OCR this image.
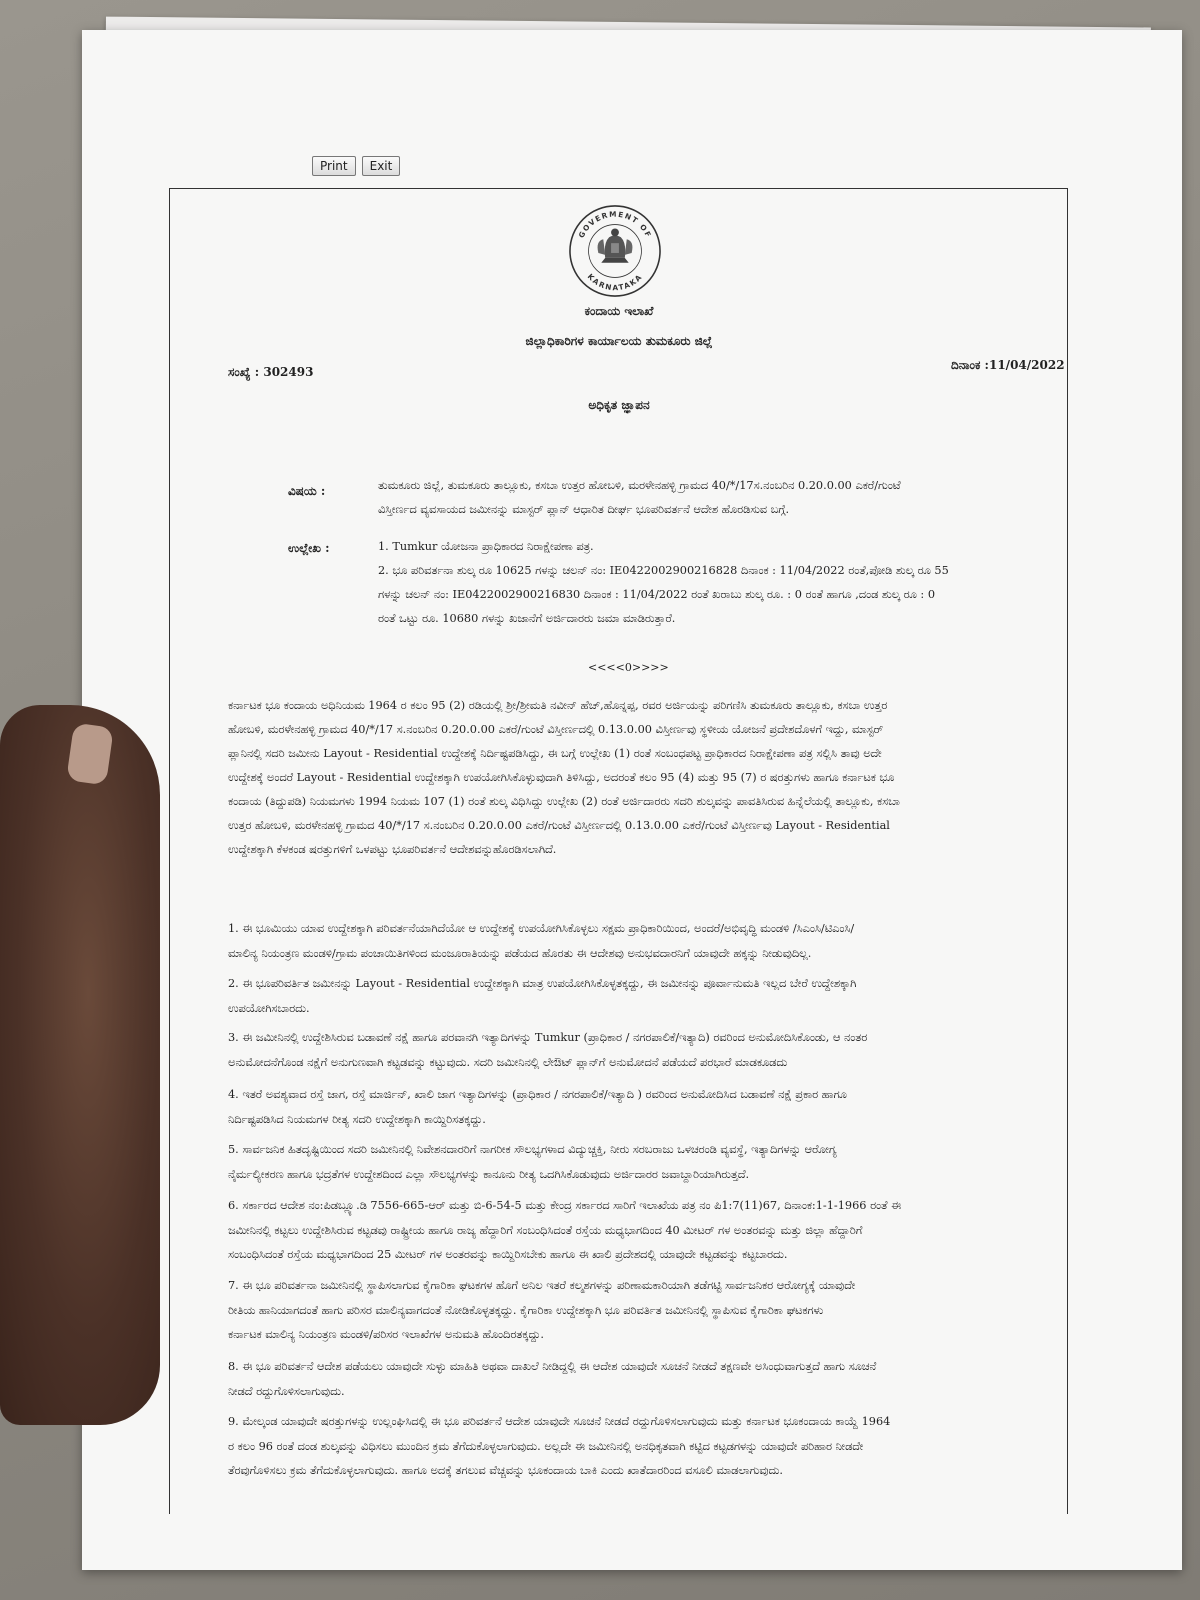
Print	Exit
GOVERMENT OF
KARNATAKA
ಕಂದಾಯ ಇಲಾಖೆ
ಜಿಲ್ಲಾಧಿಕಾರಿಗಳ ಕಾರ್ಯಾಲಯ ತುಮಕೂರು ಜಿಲ್ಲೆ
ಸಂಖ್ಯೆ : 302493	ದಿನಾಂಕ :11/04/2022
ಅಧಿಕೃತ ಜ್ಞಾಪನ
ವಿಷಯ :	ತುಮಕೂರು ಜಿಲ್ಲೆ, ತುಮಕೂರು ತಾಲ್ಲೂಕು, ಕಸಬಾ ಉತ್ತರ ಹೋಬಳಿ, ಮರಳೇನಹಳ್ಳಿ ಗ್ರಾಮದ 40/*/17ಸ.ನಂಬರಿನ 0.20.0.00 ಎಕರೆ/ಗುಂಟೆ
ವಿಸ್ತೀರ್ಣದ ವ್ಯವಸಾಯದ ಜಮೀನನ್ನು ಮಾಸ್ಟರ್ ಪ್ಲಾನ್ ಆಧಾರಿತ ದೀರ್ಘ ಭೂಪರಿವರ್ತನೆ ಆದೇಶ ಹೊರಡಿಸುವ ಬಗ್ಗೆ.
ಉಲ್ಲೇಖ :	1. Tumkur ಯೋಜನಾ ಪ್ರಾಧಿಕಾರದ ನಿರಾಕ್ಷೇಪಣಾ ಪತ್ರ.
2. ಭೂ ಪರಿವರ್ತನಾ ಶುಲ್ಕ ರೂ 10625 ಗಳನ್ನು ಚಲನ್ ನಂ: IE0422002900216828 ದಿನಾಂಕ : 11/04/2022 ರಂತೆ,ಪೋಡಿ ಶುಲ್ಕ ರೂ 55
ಗಳನ್ನು ಚಲನ್ ನಂ: IE0422002900216830 ದಿನಾಂಕ : 11/04/2022 ರಂತೆ ಖರಾಬು ಶುಲ್ಕ ರೂ. : 0 ರಂತೆ ಹಾಗೂ ,ದಂಡ ಶುಲ್ಕ ರೂ : 0
ರಂತೆ ಒಟ್ಟು ರೂ. 10680 ಗಳನ್ನು ಖಜಾನೆಗೆ ಅರ್ಜಿದಾರರು ಜಮಾ ಮಾಡಿರುತ್ತಾರೆ.
<<<<0>>>>
ಕರ್ನಾಟಕ ಭೂ ಕಂದಾಯ ಅಧಿನಿಯಮ 1964 ರ ಕಲಂ 95 (2) ರಡಿಯಲ್ಲಿ ಶ್ರೀ/ಶ್ರೀಮತಿ ನವೀನ್ ಹೆಚ್,ಹೊನ್ನಪ್ಪ, ರವರ ಅರ್ಜಿಯನ್ನು ಪರಿಗಣಿಸಿ ತುಮಕೂರು ತಾಲ್ಲೂಕು, ಕಸಬಾ ಉತ್ತರ
ಹೋಬಳಿ, ಮರಳೇನಹಳ್ಳಿ ಗ್ರಾಮದ 40/*/17 ಸ.ನಂಬರಿನ 0.20.0.00 ಎಕರೆ/ಗುಂಟೆ ವಿಸ್ತೀರ್ಣದಲ್ಲಿ 0.13.0.00 ವಿಸ್ತೀರ್ಣವು ಸ್ಥಳೀಯ ಯೋಜನೆ ಪ್ರದೇಶದೊಳಗೆ ಇದ್ದು, ಮಾಸ್ಟರ್
ಪ್ಲಾನಿನಲ್ಲಿ ಸದರಿ ಜಮೀನು Layout - Residential ಉದ್ದೇಶಕ್ಕೆ ನಿರ್ದಿಷ್ಟಪಡಿಸಿದ್ದು, ಈ ಬಗ್ಗೆ ಉಲ್ಲೇಖ (1) ರಂತೆ ಸಂಬಂಧಪಟ್ಟ ಪ್ರಾಧಿಕಾರದ ನಿರಾಕ್ಷೇಪಣಾ ಪತ್ರ ಸಲ್ಲಿಸಿ ತಾವು ಅದೇ
ಉದ್ದೇಶಕ್ಕೆ ಅಂದರೆ Layout - Residential ಉದ್ದೇಶಕ್ಕಾಗಿ ಉಪಯೋಗಿಸಿಕೊಳ್ಳುವುದಾಗಿ ತಿಳಿಸಿದ್ದು, ಅದರಂತೆ ಕಲಂ 95 (4) ಮತ್ತು 95 (7) ರ ಷರತ್ತುಗಳು ಹಾಗೂ ಕರ್ನಾಟಕ ಭೂ
ಕಂದಾಯ (ತಿದ್ದುಪಡಿ) ನಿಯಮಗಳು 1994 ನಿಯಮ 107 (1) ರಂತೆ ಶುಲ್ಕ ವಿಧಿಸಿದ್ದು ಉಲ್ಲೇಖ (2) ರಂತೆ ಅರ್ಜಿದಾರರು ಸದರಿ ಶುಲ್ಕವನ್ನು ಪಾವತಿಸಿರುವ ಹಿನ್ನೆಲೆಯಲ್ಲಿ ತಾಲ್ಲೂಕು, ಕಸಬಾ
ಉತ್ತರ ಹೋಬಳಿ, ಮರಳೇನಹಳ್ಳಿ ಗ್ರಾಮದ 40/*/17 ಸ.ನಂಬರಿನ 0.20.0.00 ಎಕರೆ/ಗುಂಟೆ ವಿಸ್ತೀರ್ಣದಲ್ಲಿ 0.13.0.00 ಎಕರೆ/ಗುಂಟೆ ವಿಸ್ತೀರ್ಣವು Layout - Residential
ಉದ್ದೇಶಕ್ಕಾಗಿ ಕೆಳಕಂಡ ಷರತ್ತುಗಳಿಗೆ ಒಳಪಟ್ಟು ಭೂಪರಿವರ್ತನೆ ಆದೇಶವನ್ನುಹೊರಡಿಸಲಾಗಿದೆ.
1. ಈ ಭೂಮಿಯು ಯಾವ ಉದ್ದೇಶಕ್ಕಾಗಿ ಪರಿವರ್ತನೆಯಾಗಿದೆಯೋ ಆ ಉದ್ದೇಶಕ್ಕೆ ಉಪಯೋಗಿಸಿಕೊಳ್ಳಲು ಸಕ್ಷಮ ಪ್ರಾಧಿಕಾರಿಯಿಂದ, ಅಂದರೆ/ಅಭಿವೃದ್ಧಿ ಮಂಡಳಿ /ಸಿಎಂಸಿ/ಟಿಎಂಸಿ/
ಮಾಲಿನ್ಯ ನಿಯಂತ್ರಣ ಮಂಡಳಿ/ಗ್ರಾಮ ಪಂಚಾಯಿತಿಗಳಿಂದ ಮಂಜೂರಾತಿಯನ್ನು ಪಡೆಯದ ಹೊರತು ಈ ಆದೇಶವು ಅನುಭವದಾರನಿಗೆ ಯಾವುದೇ ಹಕ್ಕನ್ನು ನೀಡುವುದಿಲ್ಲ.
2. ಈ ಭೂಪರಿವರ್ತಿತ ಜಮೀನನ್ನು Layout - Residential ಉದ್ದೇಶಕ್ಕಾಗಿ ಮಾತ್ರ ಉಪಯೋಗಿಸಿಕೊಳ್ಳತಕ್ಕದ್ದು, ಈ ಜಮೀನನ್ನು ಪೂರ್ವಾನುಮತಿ ಇಲ್ಲದ ಬೇರೆ ಉದ್ದೇಶಕ್ಕಾಗಿ
ಉಪಯೋಗಿಸಬಾರದು.
3. ಈ ಜಮೀನಿನಲ್ಲಿ ಉದ್ದೇಶಿಸಿರುವ ಬಡಾವಣೆ ನಕ್ಷೆ ಹಾಗೂ ಪರವಾನಗಿ ಇತ್ಯಾದಿಗಳನ್ನು Tumkur (ಪ್ರಾಧಿಕಾರ / ನಗರಪಾಲಿಕೆ/ಇತ್ಯಾದಿ) ರವರಿಂದ ಅನುಮೋದಿಸಿಕೊಂಡು, ಆ ನಂತರ
ಅನುಮೋದನೆಗೊಂಡ ನಕ್ಷೆಗೆ ಅನುಗುಣವಾಗಿ ಕಟ್ಟಡವನ್ನು ಕಟ್ಟುವುದು. ಸದರಿ ಜಮೀನಿನಲ್ಲಿ ಲೇಔಟ್ ಪ್ಲಾನ್‌ಗೆ ಅನುಮೋದನೆ ಪಡೆಯದೆ ಪರಭಾರೆ ಮಾಡಕೂಡದು
4. ಇತರೆ ಅವಶ್ಯವಾದ ರಸ್ತೆ ಜಾಗ, ರಸ್ತೆ ಮಾರ್ಜಿನ್, ಖಾಲಿ ಜಾಗ ಇತ್ಯಾದಿಗಳನ್ನು (ಪ್ರಾಧಿಕಾರ / ನಗರಪಾಲಿಕೆ/ಇತ್ಯಾದಿ ) ರವರಿಂದ ಅನುಮೋದಿಸಿದ ಬಡಾವಣೆ ನಕ್ಷೆ ಪ್ರಕಾರ ಹಾಗೂ
ನಿರ್ದಿಷ್ಟಪಡಿಸಿದ ನಿಯಮಗಳ ರೀತ್ಯ ಸದರಿ ಉದ್ದೇಶಕ್ಕಾಗಿ ಕಾಯ್ದಿರಿಸತಕ್ಕದ್ದು.
5. ಸಾರ್ವಜನಿಕ ಹಿತದೃಷ್ಟಿಯಿಂದ ಸದರಿ ಜಮೀನಿನಲ್ಲಿ ನಿವೇಶನದಾರರಿಗೆ ನಾಗರೀಕ ಸೌಲಭ್ಯಗಳಾದ ವಿದ್ಯುಚ್ಚಕ್ತಿ, ನೀರು ಸರಬರಾಜು ಒಳಚರಂಡಿ ವ್ಯವಸ್ಥೆ, ಇತ್ಯಾದಿಗಳನ್ನು ಆರೋಗ್ಯ
ನೈರ್ಮಲ್ಯೀಕರಣ ಹಾಗೂ ಭದ್ರತೆಗಳ ಉದ್ದೇಶದಿಂದ ಎಲ್ಲಾ ಸೌಲಭ್ಯಗಳನ್ನು ಕಾನೂನು ರೀತ್ಯ ಒದಗಿಸಿಕೊಡುವುದು ಅರ್ಜಿದಾರರ ಜವಾಬ್ದಾರಿಯಾಗಿರುತ್ತದೆ.
6. ಸರ್ಕಾರದ ಆದೇಶ ನಂ:ಪಿಡಬ್ಲ್ಯೂ.ಡಿ 7556-665-ಆರ್ ಮತ್ತು ಬಿ-6-54-5 ಮತ್ತು ಕೇಂದ್ರ ಸರ್ಕಾರದ ಸಾರಿಗೆ ಇಲಾಖೆಯ ಪತ್ರ ನಂ ಪಿ1:7(11)67, ದಿನಾಂಕ:1-1-1966 ರಂತೆ ಈ
ಜಮೀನಿನಲ್ಲಿ ಕಟ್ಟಲು ಉದ್ದೇಶಿಸಿರುವ ಕಟ್ಟಡವು ರಾಷ್ಟ್ರೀಯ ಹಾಗೂ ರಾಜ್ಯ ಹೆದ್ದಾರಿಗೆ ಸಂಬಂಧಿಸಿದಂತೆ ರಸ್ತೆಯ ಮಧ್ಯಭಾಗದಿಂದ 40 ಮೀಟರ್ ಗಳ ಅಂತರವನ್ನು ಮತ್ತು ಜಿಲ್ಲಾ ಹೆದ್ದಾರಿಗೆ
ಸಂಬಂಧಿಸಿದಂತೆ ರಸ್ತೆಯ ಮಧ್ಯಭಾಗದಿಂದ 25 ಮೀಟರ್ ಗಳ ಅಂತರವನ್ನು ಕಾಯ್ದಿರಿಸಬೇಕು ಹಾಗೂ ಈ ಖಾಲಿ ಪ್ರದೇಶದಲ್ಲಿ ಯಾವುದೇ ಕಟ್ಟಡವನ್ನು ಕಟ್ಟಬಾರದು.
7. ಈ ಭೂ ಪರಿವರ್ತನಾ ಜಮೀನಿನಲ್ಲಿ ಸ್ಥಾಪಿಸಲಾಗುವ ಕೈಗಾರಿಕಾ ಘಟಕಗಳ ಹೊಗೆ ಅನಿಲ ಇತರೆ ಕಲ್ಮಶಗಳನ್ನು ಪರಿಣಾಮಕಾರಿಯಾಗಿ ತಡೆಗಟ್ಟಿ ಸಾರ್ವಜನಿಕರ ಆರೋಗ್ಯಕ್ಕೆ ಯಾವುದೇ
ರೀತಿಯ ಹಾನಿಯಾಗದಂತೆ ಹಾಗು ಪರಿಸರ ಮಾಲಿನ್ಯವಾಗದಂತೆ ನೋಡಿಕೊಳ್ಳತಕ್ಕದ್ದು. ಕೈಗಾರಿಕಾ ಉದ್ದೇಶಕ್ಕಾಗಿ ಭೂ ಪರಿವರ್ತಿತ ಜಮೀನಿನಲ್ಲಿ ಸ್ಥಾಪಿಸುವ ಕೈಗಾರಿಕಾ ಘಟಕಗಳು
ಕರ್ನಾಟಕ ಮಾಲಿನ್ಯ ನಿಯಂತ್ರಣ ಮಂಡಳಿ/ಪರಿಸರ ಇಲಾಖೆಗಳ ಅನುಮತಿ ಹೊಂದಿರತಕ್ಕದ್ದು.
8. ಈ ಭೂ ಪರಿವರ್ತನೆ ಆದೇಶ ಪಡೆಯಲು ಯಾವುದೇ ಸುಳ್ಳು ಮಾಹಿತಿ ಅಥವಾ ದಾಖಲೆ ನೀಡಿದ್ದಲ್ಲಿ ಈ ಆದೇಶ ಯಾವುದೇ ಸೂಚನೆ ನೀಡದೆ ತಕ್ಷಣವೇ ಅಸಿಂಧುವಾಗುತ್ತದೆ ಹಾಗು ಸೂಚನೆ
ನೀಡದೆ ರದ್ದುಗೊಳಿಸಲಾಗುವುದು.
9. ಮೇಲ್ಕಂಡ ಯಾವುದೇ ಷರತ್ತುಗಳನ್ನು ಉಲ್ಲಂಘಿಸಿದಲ್ಲಿ ಈ ಭೂ ಪರಿವರ್ತನೆ ಆದೇಶ ಯಾವುದೇ ಸೂಚನೆ ನೀಡದೆ ರದ್ದುಗೊಳಿಸಲಾಗುವುದು ಮತ್ತು ಕರ್ನಾಟಕ ಭೂಕಂದಾಯ ಕಾಯ್ದೆ 1964
ರ ಕಲಂ 96 ರಂತೆ ದಂಡ ಶುಲ್ಕವನ್ನು ವಿಧಿಸಲು ಮುಂದಿನ ಕ್ರಮ ತೆಗೆದುಕೊಳ್ಳಲಾಗುವುದು. ಅಲ್ಲದೇ ಈ ಜಮೀನಿನಲ್ಲಿ ಅನಧಿಕೃತವಾಗಿ ಕಟ್ಟಿದ ಕಟ್ಟಡಗಳನ್ನು ಯಾವುದೇ ಪರಿಹಾರ ನೀಡದೇ
ತೆರವುಗೊಳಿಸಲು ಕ್ರಮ ತೆಗೆದುಕೊಳ್ಳಲಾಗುವುದು. ಹಾಗೂ ಅದಕ್ಕೆ ತಗಲುವ ವೆಚ್ಚವನ್ನು ಭೂಕಂದಾಯ ಬಾಕಿ ಎಂದು ಖಾತೆದಾರರಿಂದ ವಸೂಲಿ ಮಾಡಲಾಗುವುದು.
